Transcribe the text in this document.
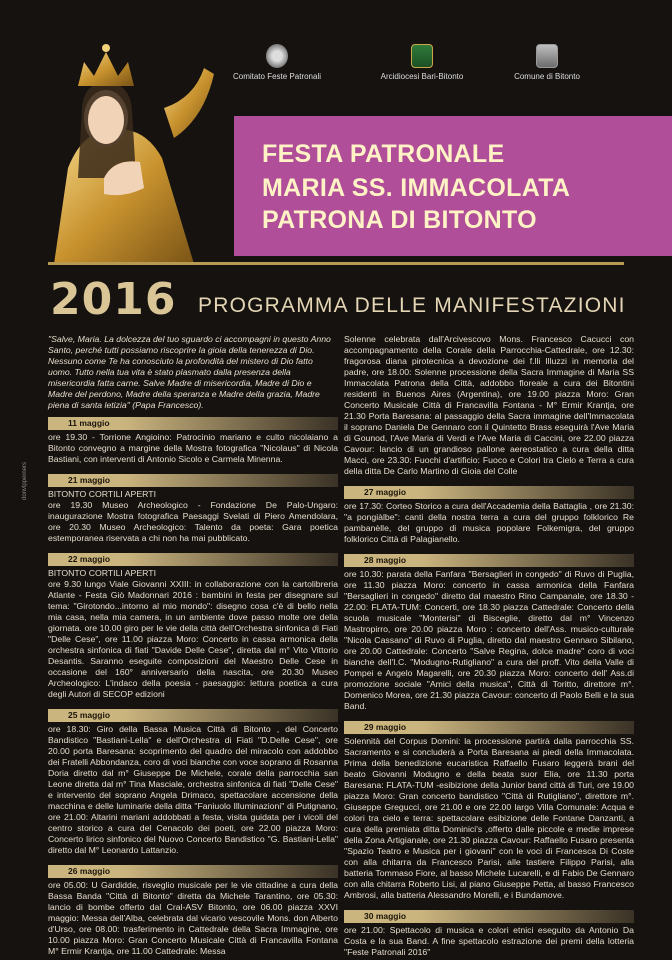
Comitato Feste Patronali	Arcidiocesi Bari-Bitonto	Comune di Bitonto
FESTA PATRONALE
MARIA SS. IMMACOLATA
PATRONA DI BITONTO
2016 PROGRAMMA DELLE MANIFESTAZIONI
donvlpperners

"Salve, Maria. La dolcezza del tuo sguardo ci accompagni in questo Anno Santo, perché tutti possiamo riscoprire la gioia della tenerezza di Dio. Nessuno come Te ha conosciuto la profondità del mistero di Dio fatto uomo. Tutto nella tua vita è stato plasmato dalla presenza della misericordia fatta carne. Salve Madre di misericordia, Madre di Dio e Madre del perdono, Madre della speranza e Madre della grazia, Madre piena di santa letizia" (Papa Francesco).

11 maggio

ore 19.30 - Torrione Angioino: Patrocinio mariano e culto nicolaiano a Bitonto convegno a margine della Mostra fotografica "Nicolaus" di Nicola Bastiani, con interventi di Antonio Sicolo e Carmela Minenna.

21 maggio

BITONTO CORTILI APERTI

ore 19.30 Museo Archeologico - Fondazione De Palo-Ungaro: inaugurazione Mostra fotografica Paesaggi Svelati di Piero Amendolara, ore 20.30 Museo Archeologico: Talento da poeta: Gara poetica estemporanea riservata a chi non ha mai pubblicato.

22 maggio

BITONTO CORTILI APERTI

ore 9.30 lungo Viale Giovanni XXIII: in collaborazione con la cartolibreria Atlante - Festa Giò Madonnari 2016 : bambini in festa per disegnare sul tema: "Girotondo...intorno al mio mondo": disegno cosa c'è di bello nella mia casa, nella mia camera, in un ambiente dove passo molte ore della giornata. ore 10.00 giro per le vie della città dell'Orchestra sinfonica di Fiati "Delle Cese", ore 11.00 piazza Moro: Concerto in cassa armonica della orchestra sinfonica di fiati "Davide Delle Cese", diretta dal m° Vito Vittorio Desantis. Saranno eseguite composizioni del Maestro Delle Cese in occasione del 160° anniversario della nascita, ore 20.30 Museo Archeologico: L'indaco della poesia - paesaggio: lettura poetica a cura degli Autori di SECOP edizioni

25 maggio

ore 18.30: Giro della Bassa Musica Città di Bitonto , del Concerto Bandistico "Bastiani-Lella" e dell'Orchestra di Fiati "D.Delle Cese", ore 20.00 porta Baresana: scoprimento del quadro del miracolo con addobbo dei Fratelli Abbondanza, coro di voci bianche con voce soprano di Rosanna Doria diretto dal m° Giuseppe De Michele, corale della parrocchia san Leone diretta dal m° Tina Masciale, orchestra sinfonica di fiati "Delle Cese" e intervento del soprano Angela Drimaco, spettacolare accensione della macchina e delle luminarie della ditta "Faniuolo Illuminazioni" di Putignano, ore 21.00: Altarini mariani addobbati a festa, visita guidata per i vicoli del centro storico a cura del Cenacolo dei poeti, ore 22.00 piazza Moro: Concerto lirico sinfonico del Nuovo Concerto Bandistico "G. Bastiani-Lella" diretto dal M° Leonardo Lattanzio.

26 maggio

ore 05.00: U Gardidde, risveglio musicale per le vie cittadine a cura della Bassa Banda "Città di Bitonto" diretta da Michele Tarantino, ore 05.30: lancio di bombe offerto dal Cral-ASV Bitonto, ore 06.00 piazza XXVI maggio: Messa dell'Alba, celebrata dal vicario vescovile Mons. don Alberto d'Urso, ore 08.00: trasferimento in Cattedrale della Sacra Immagine, ore 10.00 piazza Moro: Gran Concerto Musicale Città di Francavilla Fontana M° Ermir Krantja, ore 11.00 Cattedrale: Messa

Solenne celebrata dall'Arcivescovo Mons. Francesco Cacucci con accompagnamento della Corale della Parrocchia-Cattedrale, ore 12.30: fragorosa diana pirotecnica a devozione dei f.lli Illuzzi in memoria del padre, ore 18.00: Solenne processione della Sacra Immagine di Maria SS Immacolata Patrona della Città, addobbo floreale a cura dei Bitontini residenti in Buenos Aires (Argentina), ore 19.00 piazza Moro: Gran Concerto Musicale Città di Francavilla Fontana - M° Ermir Krantja, ore 21.30 Porta Baresana: al passaggio della Sacra immagine dell'Immacolata il soprano Daniela De Gennaro con il Quintetto Brass eseguirà l'Ave Maria di Gounod, l'Ave Maria di Verdi e l'Ave Maria di Caccini, ore 22.00 piazza Cavour: lancio di un grandioso pallone aereostatico a cura della ditta Macci, ore 23.30: Fuochi d'artificio: Fuoco e Colori tra Cielo e Terra a cura della ditta De Carlo Martino di Gioia del Colle

27 maggio

ore 17.30: Corteo Storico a cura dell'Accademia della Battaglia , ore 21.30: "a pongiàlbe": canti della nostra terra a cura del gruppo folklorico Re pambanèlle, del gruppo di musica popolare Folkemigra, del gruppo folklorico Città di Palagianello.

28 maggio

ore 10.30: parata della Fanfara "Bersaglieri in congedo" di Ruvo di Puglia, ore 11.30 piazza Moro: concerto in cassa armonica della Fanfara "Bersaglieri in congedo" diretto dal maestro Rino Campanale, ore 18.30 - 22.00: FLATA-TUM: Concerti, ore 18.30 piazza Cattedrale: Concerto della scuola musicale "Monterisi" di Bisceglie, diretto dal m° Vincenzo Mastropirro, ore 20.00 piazza Moro : concerto dell'Ass. musico-culturale "Nicola Cassano" di Ruvo di Puglia, diretto dal maestro Gennaro Sibilano, ore 20.00 Cattedrale: Concerto "Salve Regina, dolce madre" coro di voci bianche dell'I.C. "Modugno-Rutigliano" a cura del proff. Vito della Valle di Pompei e Angelo Magarelli, ore 20.30 piazza Moro: concerto dell' Ass.di promozione sociale "Amici della musica", Città di Toritto, direttore m°. Domenico Morea, ore 21.30 piazza Cavour: concerto di Paolo Belli e la sua Band.

29 maggio

Solennità del Corpus Domini: la processione partirà dalla parrocchia SS. Sacramento e si concluderà a Porta Baresana ai piedi della Immacolata. Prima della benedizione eucaristica Raffaello Fusaro leggerà brani del beato Giovanni Modugno e della beata suor Elia, ore 11.30 porta Baresana: FLATA-TUM -esibizione della Junior band città di Turi, ore 19.00 piazza Moro: Gran concerto bandistico "Città di Rutigliano", direttore m°. Giuseppe Gregucci, ore 21.00 e ore 22.00 largo Villa Comunale: Acqua e colori tra cielo e terra: spettacolare esibizione delle Fontane Danzanti, a cura della premiata ditta Dominici's ,offerto dalle piccole e medie imprese della Zona Artigianale, ore 21.30 piazza Cavour: Raffaello Fusaro presenta "Spazio Teatro e Musica per i giovani" con le voci di Francesca Di Coste con alla chitarra da Francesco Parisi, alle tastiere Filippo Parisi, alla batteria Tommaso Fiore, al basso Michele Lucarelli, e di Fabio De Gennaro con alla chitarra Roberto Lisi, al piano Giuseppe Petta, al basso Francesco Ambrosi, alla batteria Alessandro Morelli, e i Bundamove.

30 maggio

ore 21.00: Spettacolo di musica e colori etnici eseguito da Antonio Da Costa e la sua Band. A fine spettacolo estrazione dei premi della lotteria "Feste Patronali 2016"
